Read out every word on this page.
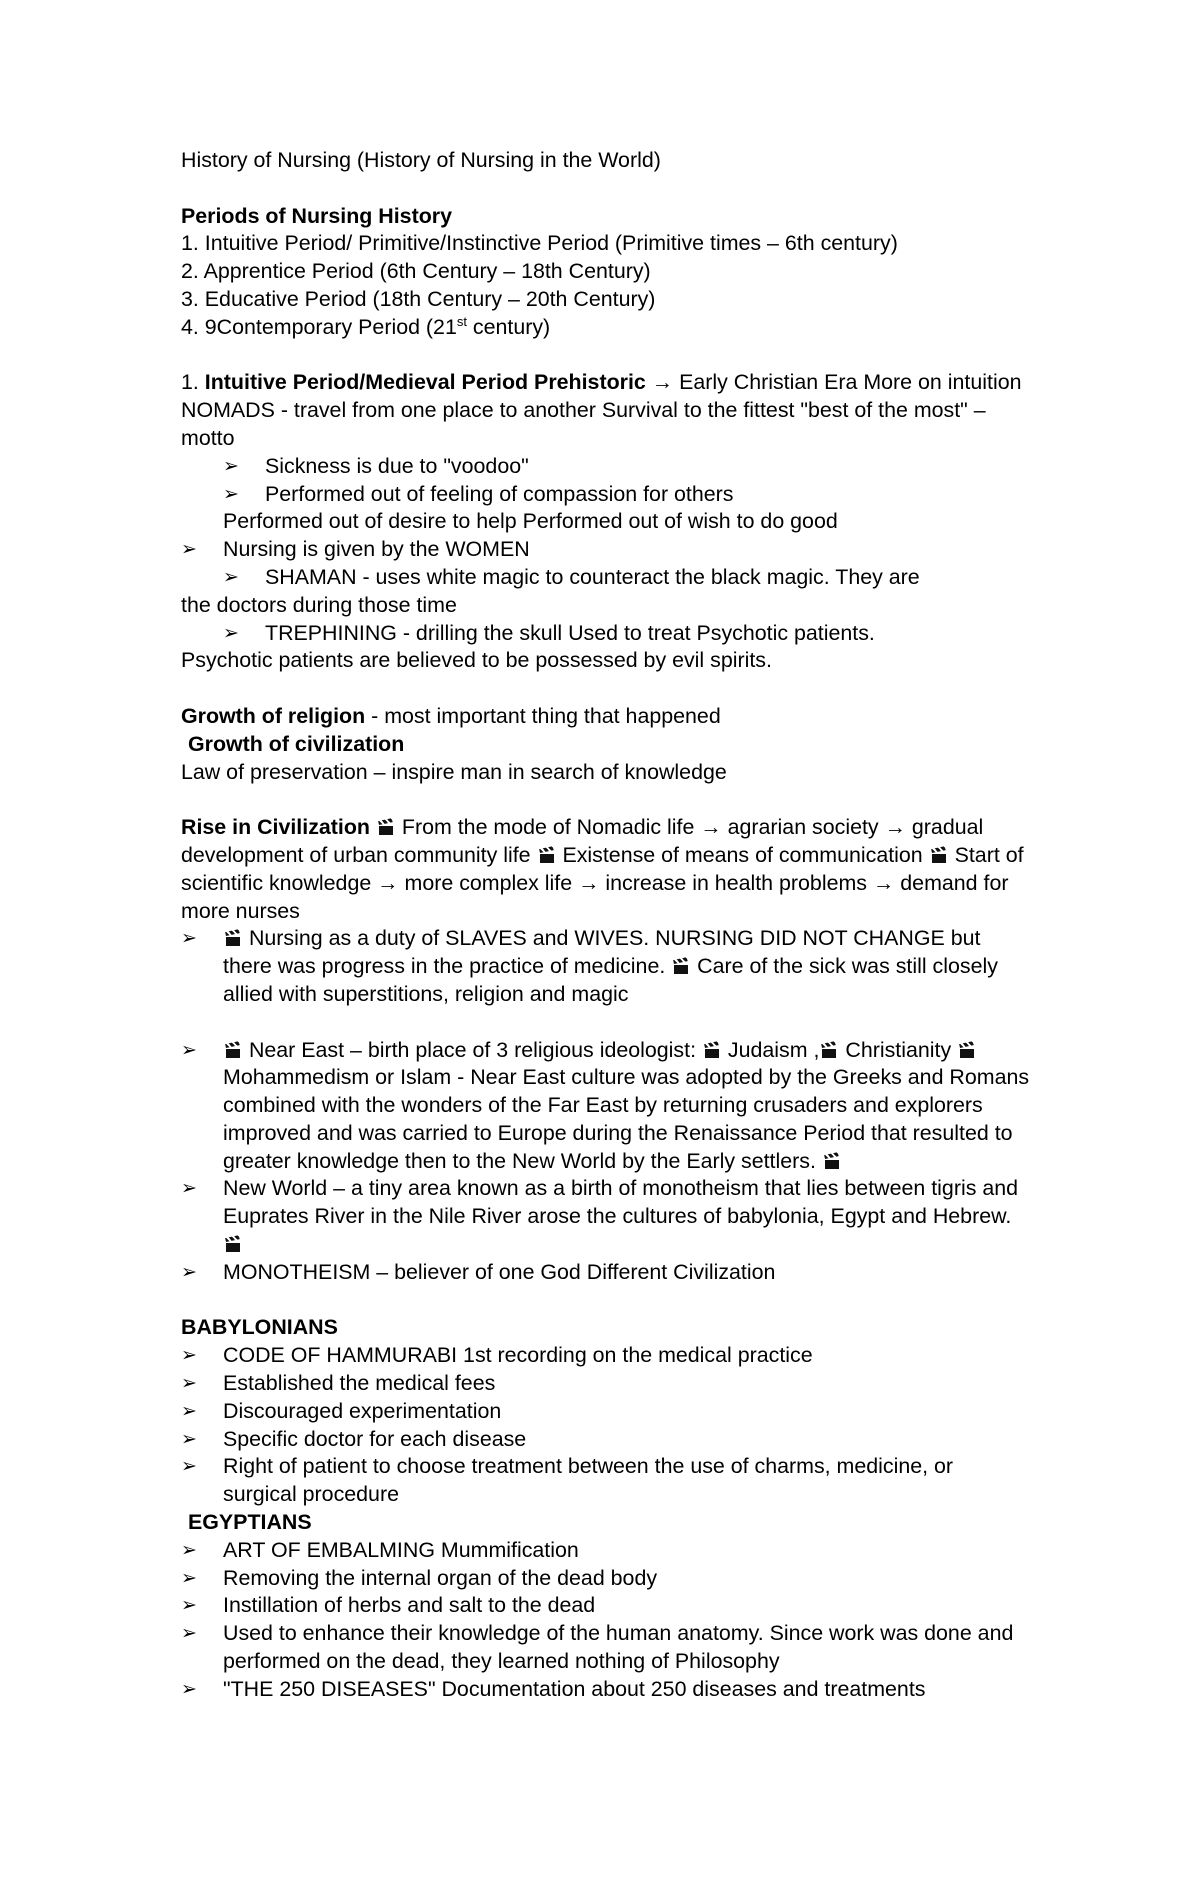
History of Nursing (History of Nursing in the World)

Periods of Nursing History

1. Intuitive Period/ Primitive/Instinctive Period (Primitive times – 6th century)

2. Apprentice Period (6th Century – 18th Century)

3. Educative Period (18th Century – 20th Century)

4. 9Contemporary Period (21st century)

1. Intuitive Period/Medieval Period Prehistoric → Early Christian Era More on intuition NOMADS - travel from one place to another Survival to the fittest "best of the most" – motto

➢ Sickness is due to "voodoo"

➢ Performed out of feeling of compassion for others

Performed out of desire to help Performed out of wish to do good

➢ Nursing is given by the WOMEN

➢ SHAMAN - uses white magic to counteract the black magic. They are

the doctors during those time

➢ TREPHINING - drilling the skull Used to treat Psychotic patients.

Psychotic patients are believed to be possessed by evil spirits.

Growth of religion - most important thing that happened

Growth of civilization

Law of preservation – inspire man in search of knowledge

Rise in Civilization  From the mode of Nomadic life → agrarian society → gradual development of urban community life  Existense of means of communication  Start of scientific knowledge → more complex life → increase in health problems → demand for more nurses

➢ Nursing as a duty of SLAVES and WIVES. NURSING DID NOT CHANGE but there was progress in the practice of medicine.  Care of the sick was still closely allied with superstitions, religion and magic

➢ Near East – birth place of 3 religious ideologist:  Judaism , Christianity  Mohammedism or Islam - Near East culture was adopted by the Greeks and Romans combined with the wonders of the Far East by returning crusaders and explorers improved and was carried to Europe during the Renaissance Period that resulted to greater knowledge then to the New World by the Early settlers.

➢ New World – a tiny area known as a birth of monotheism that lies between tigris and Euprates River in the Nile River arose the cultures of babylonia, Egypt and Hebrew.

➢ MONOTHEISM – believer of one God Different Civilization

BABYLONIANS

➢ CODE OF HAMMURABI 1st recording on the medical practice

➢ Established the medical fees

➢ Discouraged experimentation

➢ Specific doctor for each disease

➢ Right of patient to choose treatment between the use of charms, medicine, or surgical procedure

EGYPTIANS

➢ ART OF EMBALMING Mummification

➢ Removing the internal organ of the dead body

➢ Instillation of herbs and salt to the dead

➢ Used to enhance their knowledge of the human anatomy. Since work was done and performed on the dead, they learned nothing of Philosophy

➢ "THE 250 DISEASES" Documentation about 250 diseases and treatments
